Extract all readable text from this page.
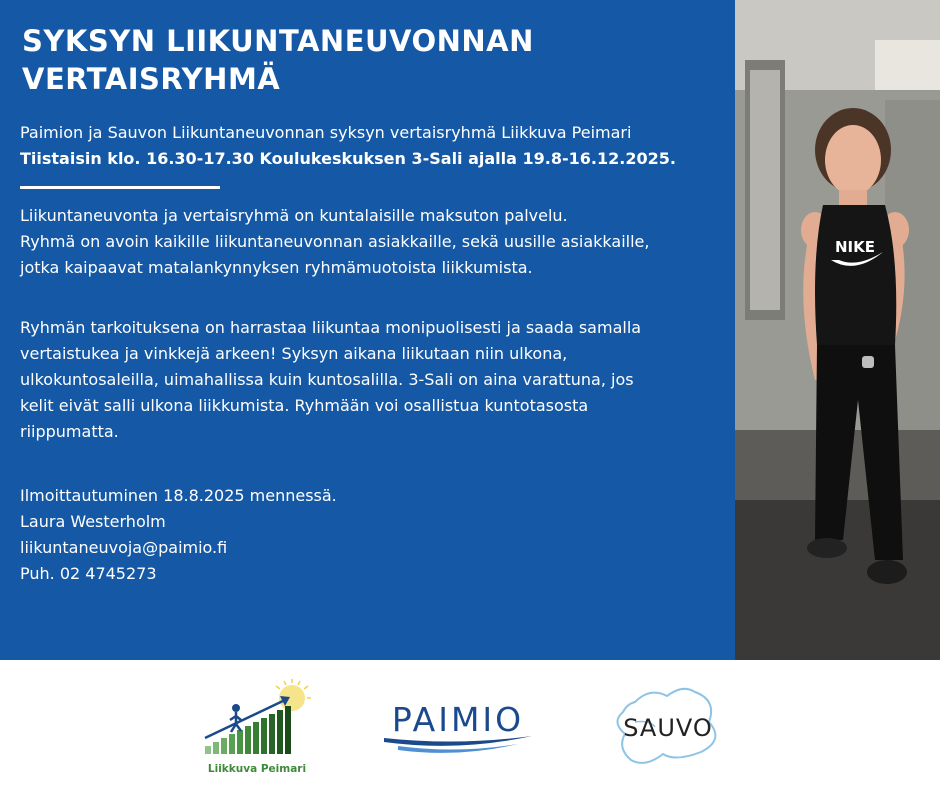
SYKSYN LIIKUNTANEUVONNAN
VERTAISRYHMÄ

Paimion ja Sauvon Liikuntaneuvonnan syksyn vertaisryhmä Liikkuva Peimari
Tiistaisin klo. 16.30-17.30 Koulukeskuksen 3-Sali ajalla 19.8-16.12.2025.

Liikuntaneuvonta ja vertaisryhmä on kuntalaisille maksuton palvelu.
Ryhmä on avoin kaikille liikuntaneuvonnan asiakkaille, sekä uusille asiakkaille,
jotka kaipaavat matalankynnyksen ryhmämuotoista liikkumista.

Ryhmän tarkoituksena on harrastaa liikuntaa monipuolisesti ja saada samalla
vertaistukea ja vinkkejä arkeen! Syksyn aikana liikutaan niin ulkona,
ulkokuntosaleilla, uimahallissa kuin kuntosalilla. 3-Sali on aina varattuna, jos
kelit eivät salli ulkona liikkumista. Ryhmään voi osallistua kuntotasosta
riippumatta.

Ilmoittautuminen 18.8.2025 mennessä.
Laura Westerholm
liikuntaneuvoja@paimio.fi
Puh. 02 4745273

NIKE
Liikkuva Peimari
PAIMIO	SAUVO
